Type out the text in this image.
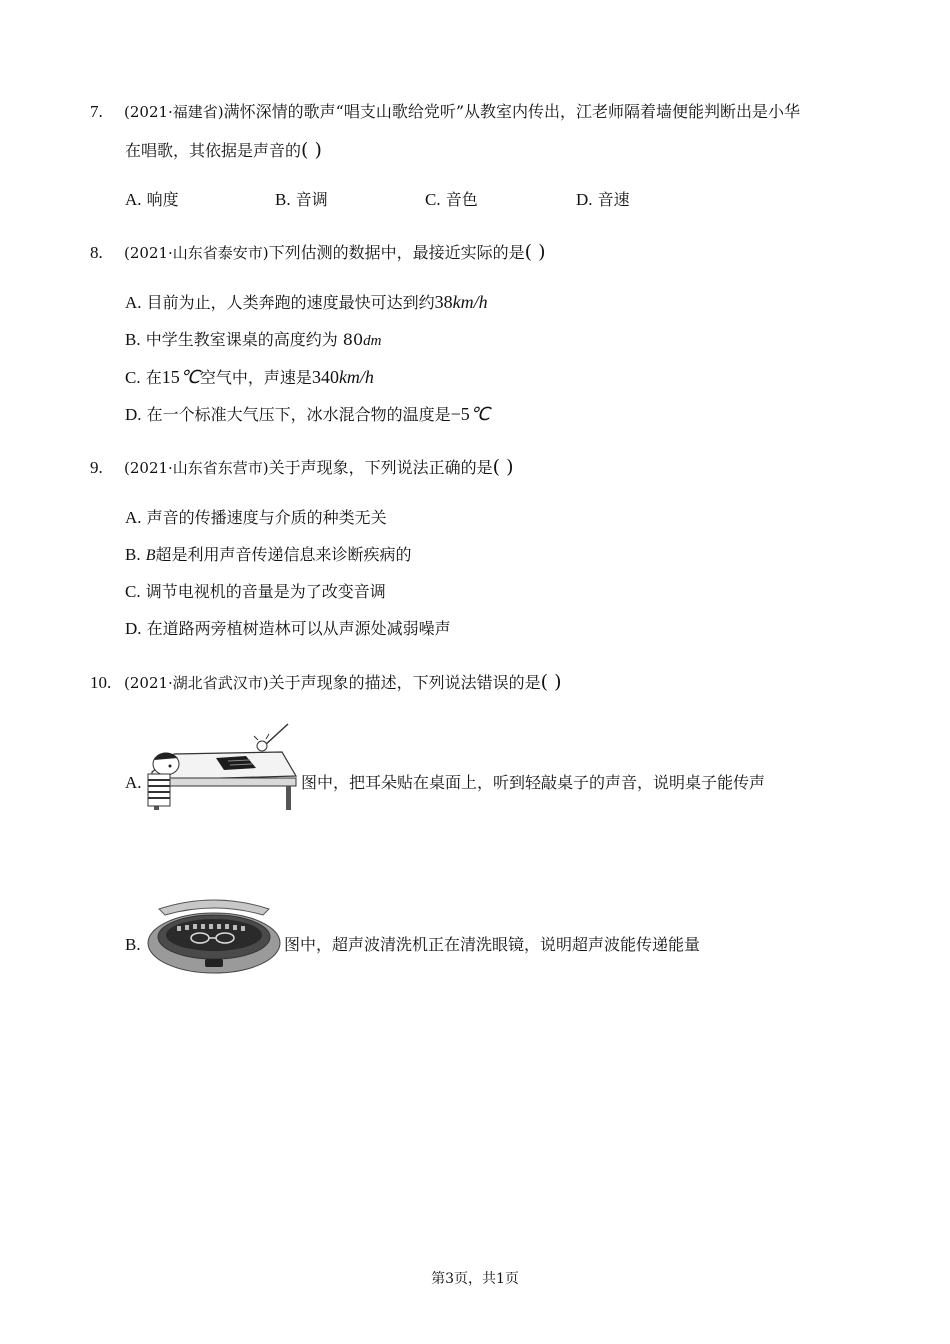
7. (2021·福建省)满怀深情的歌声“唱支山歌给党听”从教室内传出，江老师隔着墙便能判断出是小华
在唱歌，其依据是声音的( )
A. 响度	B. 音调	C. 音色	D. 音速
8. (2021·山东省泰安市)下列估测的数据中，最接近实际的是( )
A. 目前为止，人类奔跑的速度最快可达到约38km/h
B. 中学生教室课桌的高度约为 80dm
C. 在15℃空气中，声速是340km/h
D. 在一个标准大气压下，冰水混合物的温度是−5℃
9. (2021·山东省东营市)关于声现象，下列说法正确的是( )
A. 声音的传播速度与介质的种类无关
B. B超是利用声音传递信息来诊断疾病的
C. 调节电视机的音量是为了改变音调
D. 在道路两旁植树造林可以从声源处减弱噪声
10. (2021·湖北省武汉市)关于声现象的描述，下列说法错误的是( )
A.	图中，把耳朵贴在桌面上，听到轻敲桌子的声音，说明桌子能传声
B.	图中，超声波清洗机正在清洗眼镜，说明超声波能传递能量
第3页，共1页
